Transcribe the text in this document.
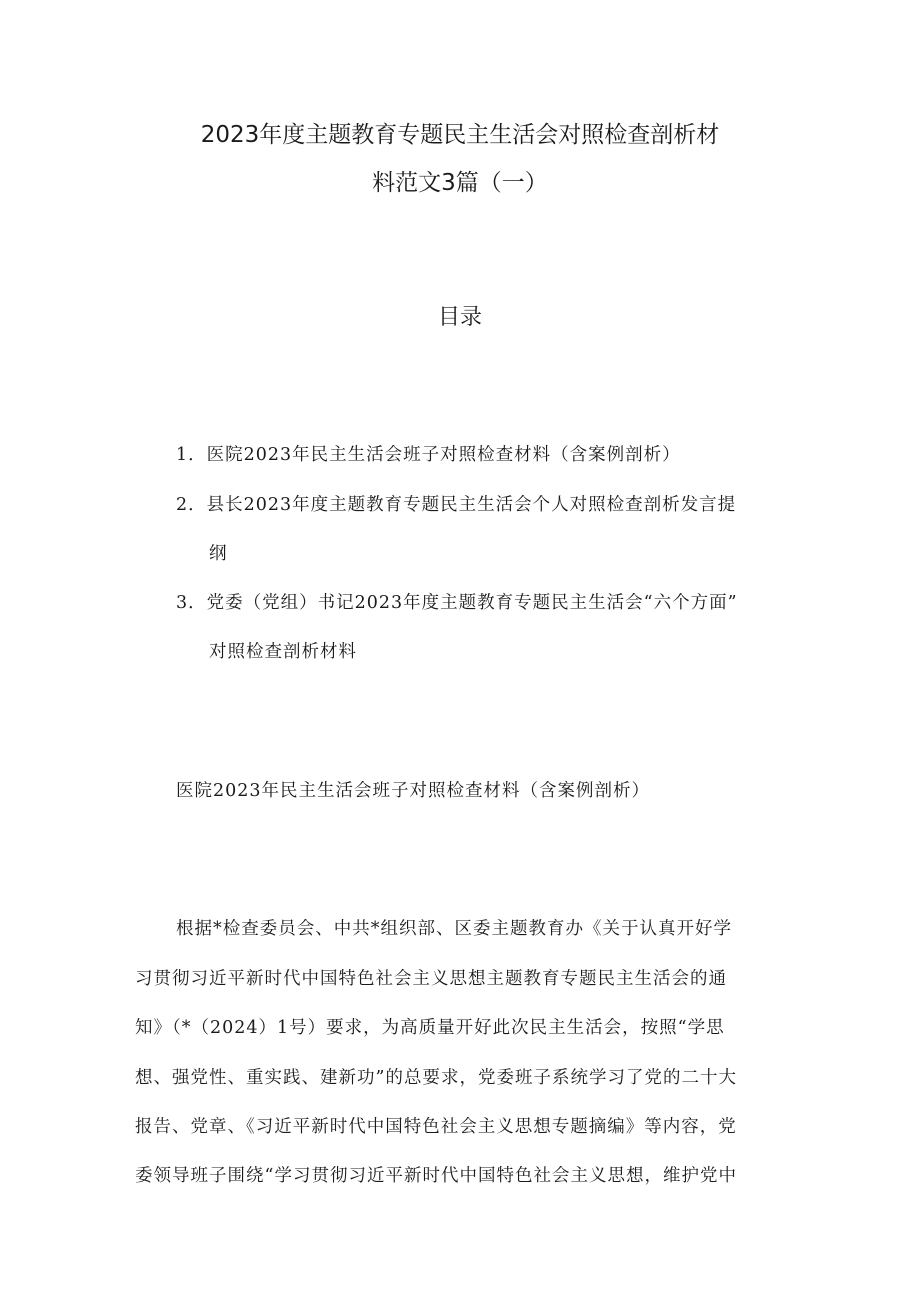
2023年度主题教育专题民主生活会对照检查剖析材
料范文3篇（一）
目录
1．医院2023年民主生活会班子对照检查材料（含案例剖析）
2．县长2023年度主题教育专题民主生活会个人对照检查剖析发言提
纲
3．党委（党组）书记2023年度主题教育专题民主生活会“六个方面”
对照检查剖析材料
医院2023年民主生活会班子对照检查材料（含案例剖析）
根据*检查委员会、中共*组织部、区委主题教育办《关于认真开好学
习贯彻习近平新时代中国特色社会主义思想主题教育专题民主生活会的通
知》（*（2024）1号）要求，为高质量开好此次民主生活会，按照“学思
想、强党性、重实践、建新功”的总要求，党委班子系统学习了党的二十大
报告、党章、《习近平新时代中国特色社会主义思想专题摘编》等内容，党
委领导班子围绕“学习贯彻习近平新时代中国特色社会主义思想，维护党中
